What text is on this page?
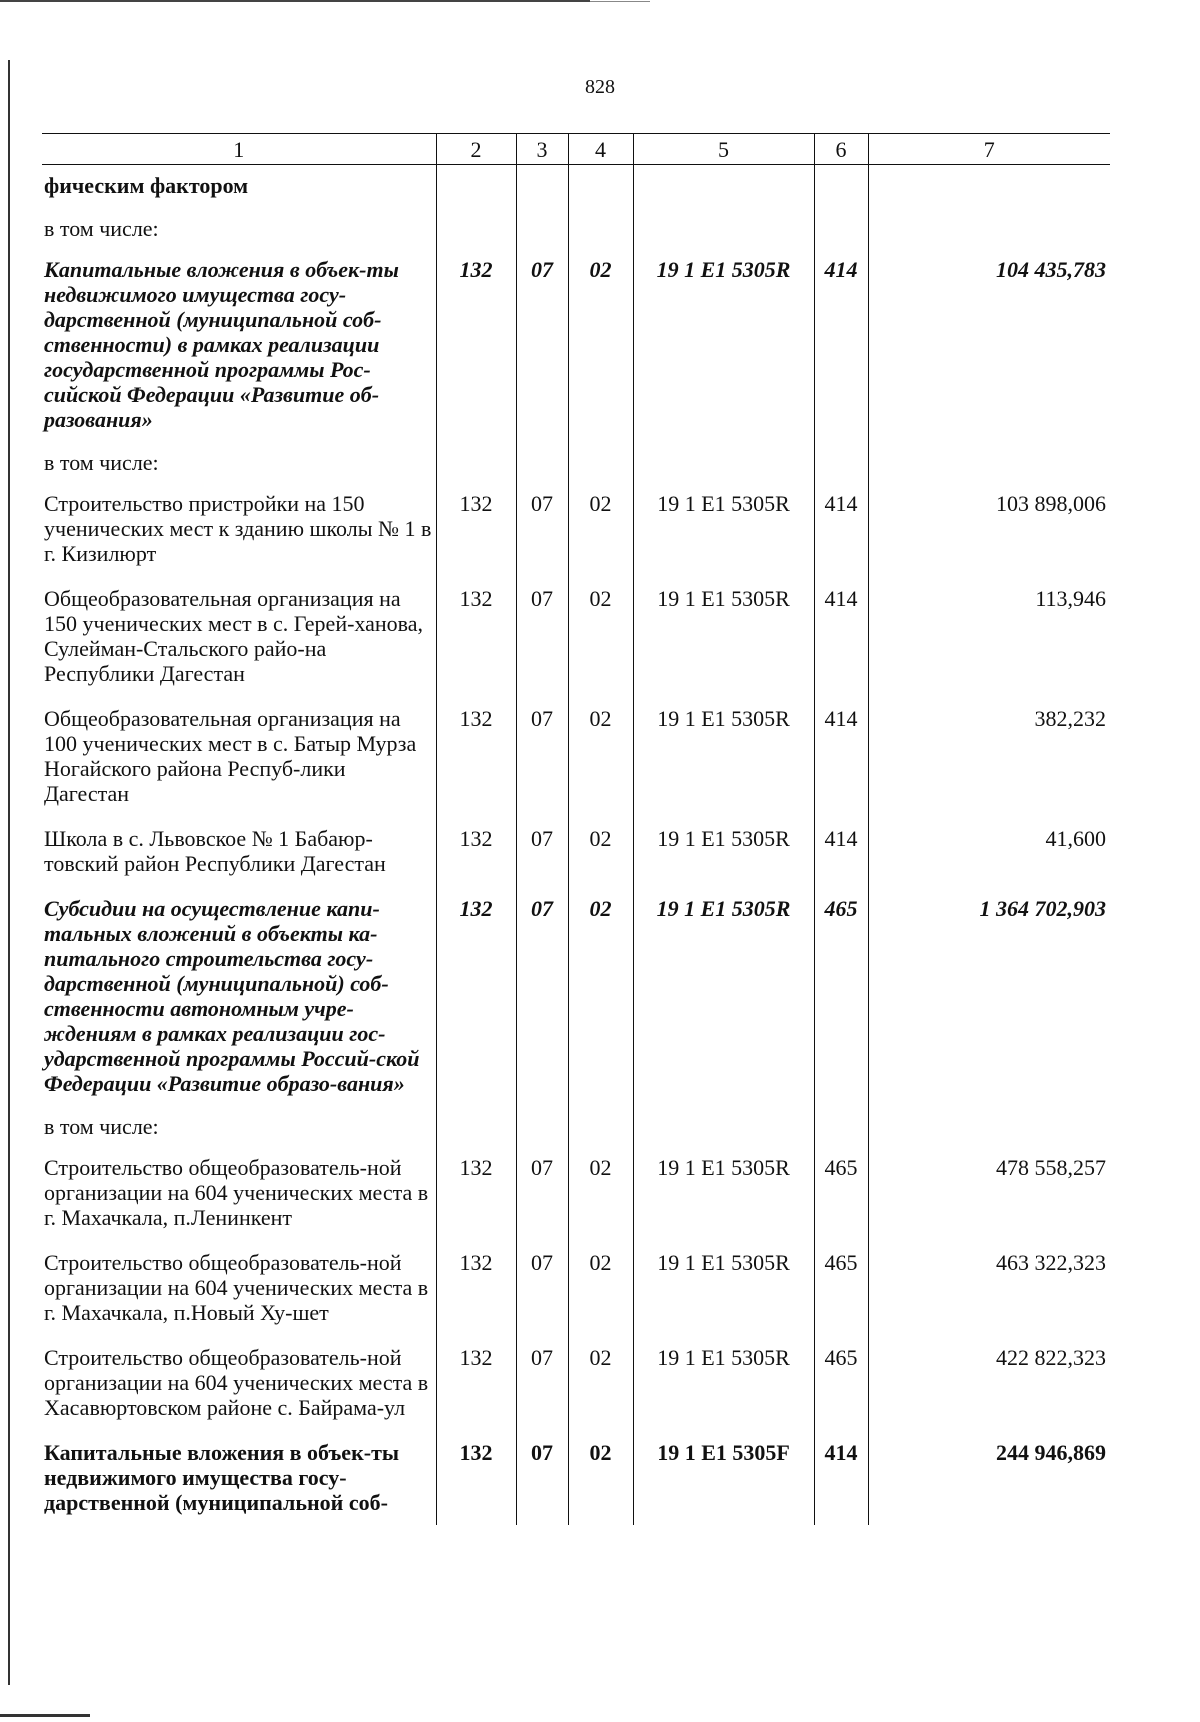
828
1	2	3	4	5	6	7
фическим фактором						
в том числе:						
Капитальные вложения в объек-ты недвижимого имущества госу-дарственной (муниципальной соб-ственности) в рамках реализации государственной программы Рос-сийской Федерации «Развитие об-разования»	132	07	02	19 1 E1 5305R	414	104 435,783
в том числе:						
Строительство пристройки на 150 ученических мест к зданию школы № 1 в г. Кизилюрт	132	07	02	19 1 E1 5305R	414	103 898,006
Общеобразовательная организация на 150 ученических мест в с. Герей-ханова, Сулейман-Стальского райо-на Республики Дагестан	132	07	02	19 1 E1 5305R	414	113,946
Общеобразовательная организация на 100 ученических мест в с. Батыр Мурза Ногайского района Респуб-лики Дагестан	132	07	02	19 1 E1 5305R	414	382,232
Школа в с. Львовское № 1 Бабаюр-товский район Республики Дагестан	132	07	02	19 1 E1 5305R	414	41,600
Субсидии на осуществление капи-тальных вложений в объекты ка-питального строительства госу-дарственной (муниципальной) соб-ственности автономным учре-ждениям в рамках реализации гос-ударственной программы Россий-ской Федерации «Развитие образо-вания»	132	07	02	19 1 E1 5305R	465	1 364 702,903
в том числе:						
Строительство общеобразователь-ной организации на 604 ученических места в г. Махачкала, п.Ленинкент	132	07	02	19 1 E1 5305R	465	478 558,257
Строительство общеобразователь-ной организации на 604 ученических места в г. Махачкала, п.Новый Ху-шет	132	07	02	19 1 E1 5305R	465	463 322,323
Строительство общеобразователь-ной организации на 604 ученических места в Хасавюртовском районе с. Байрама-ул	132	07	02	19 1 E1 5305R	465	422 822,323
Капитальные вложения в объек-ты недвижимого имущества госу-дарственной (муниципальной соб-	132	07	02	19 1 E1 5305F	414	244 946,869
